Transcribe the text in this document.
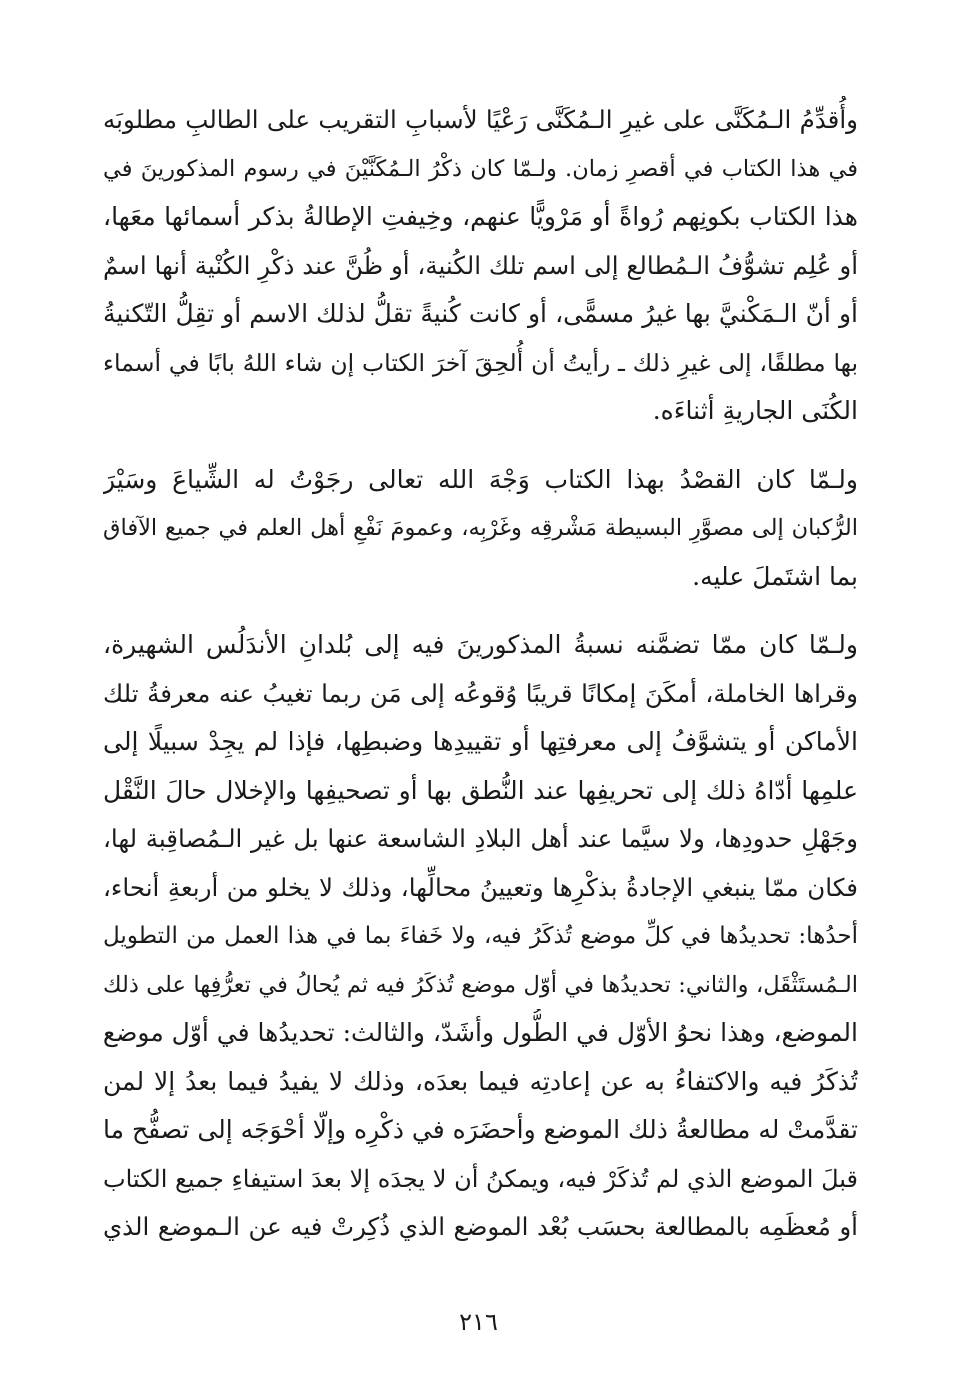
وأُقدِّمُ الـمُكَنَّى على غيرِ الـمُكَنَّى رَعْيًا لأسبابِ التقريب على الطالبِ مطلوبَه
في هذا الكتاب في أقصرِ زمان. ولـمّا كان ذكْرُ الـمُكَنَّيْنَ في رسوم المذكورينَ في
هذا الكتاب بكونِهم رُواةً أو مَرْويًّا عنهم، وخِيفتِ الإطالةُ بذكر أسمائها معَها،
أو عُلِم تشوُّفُ الـمُطالع إلى اسم تلك الكُنية، أو ظُنَّ عند ذكْرِ الكُنْية أنها اسمٌ
أو أنّ الـمَكْنيَّ بها غيرُ مسمًّى، أو كانت كُنيةً تقلُّ لذلك الاسم أو تقِلُّ التّكنيةُ
بها مطلقًا، إلى غيرِ ذلك ـ رأيتُ أن أُلحِقَ آخرَ الكتاب إن شاء اللهُ بابًا في أسماء
الكُنَى الجاريةِ أثناءَه.
ولـمّا كان القصْدُ بهذا الكتاب وَجْهَ الله تعالى رجَوْتُ له الشِّياعَ وسَيْرَ
الرُّكبان إلى مصوَّرِ البسيطة مَشْرقِه وغَرْبِه، وعمومَ نَفْعِ أهل العلم في جميع الآفاق
بما اشتَملَ عليه.
ولـمّا كان ممّا تضمَّنه نسبةُ المذكورينَ فيه إلى بُلدانِ الأندَلُس الشهيرة،
وقراها الخاملة، أمكَنَ إمكانًا قريبًا وُقوعُه إلى مَن ربما تغيبُ عنه معرفةُ تلك
الأماكن أو يتشوَّفُ إلى معرفتِها أو تقييدِها وضبطِها، فإذا لم يجِدْ سبيلًا إلى
علمِها أدّاهُ ذلك إلى تحريفِها عند النُّطق بها أو تصحيفِها والإخلال حالَ النَّقْل
وجَهْلِ حدودِها، ولا سيَّما عند أهل البلادِ الشاسعة عنها بل غير الـمُصاقِبة لها،
فكان ممّا ينبغي الإجادةُ بذكْرِها وتعيينُ محالِّها، وذلك لا يخلو من أربعةِ أنحاء،
أحدُها: تحديدُها في كلِّ موضع تُذكَرُ فيه، ولا خَفاءَ بما في هذا العمل من التطويل
الـمُستَثْقَل، والثاني: تحديدُها في أوّل موضع تُذكَرُ فيه ثم يُحالُ في تعرُّفِها على ذلك
الموضع، وهذا نحوُ الأوّل في الطُّول وأشَدّ، والثالث: تحديدُها في أوّل موضع
تُذكَرُ فيه والاكتفاءُ به عن إعادتِه فيما بعدَه، وذلك لا يفيدُ فيما بعدُ إلا لمن
تقدَّمتْ له مطالعةُ ذلك الموضع وأحضَرَه في ذكْرِه وإلّا أحْوَجَه إلى تصفُّح ما
قبلَ الموضع الذي لم تُذكَرْ فيه، ويمكنُ أن لا يجدَه إلا بعدَ استيفاءِ جميع الكتاب
أو مُعظَمِه بالمطالعة بحسَب بُعْد الموضع الذي ذُكِرتْ فيه عن الـموضع الذي
٢١٦
